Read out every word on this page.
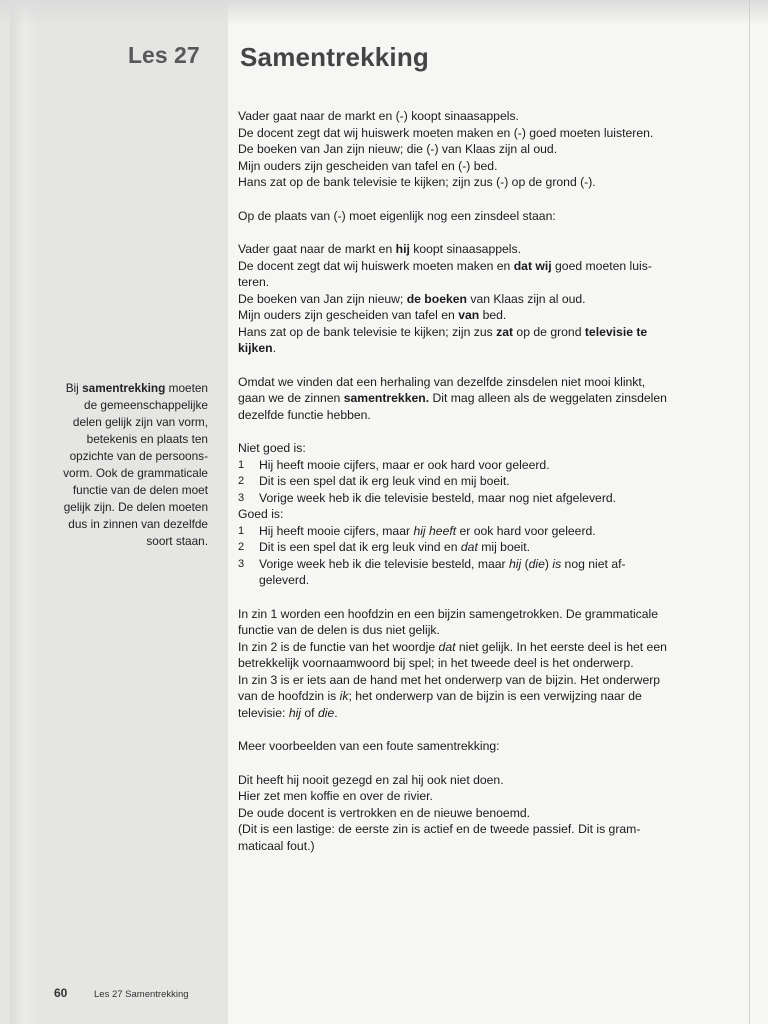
Les 27 Samentrekking

Vader gaat naar de markt en (-) koopt sinaasappels.

De docent zegt dat wij huiswerk moeten maken en (-) goed moeten luisteren.

De boeken van Jan zijn nieuw; die (-) van Klaas zijn al oud.

Mijn ouders zijn gescheiden van tafel en (-) bed.

Hans zat op de bank televisie te kijken; zijn zus (-) op de grond (-).

Op de plaats van (-) moet eigenlijk nog een zinsdeel staan:

Vader gaat naar de markt en hij koopt sinaasappels.

De docent zegt dat wij huiswerk moeten maken en dat wij goed moeten luis-

teren.

De boeken van Jan zijn nieuw; de boeken van Klaas zijn al oud.

Mijn ouders zijn gescheiden van tafel en van bed.

Hans zat op de bank televisie te kijken; zijn zus zat op de grond televisie te

kijken.

Omdat we vinden dat een herhaling van dezelfde zinsdelen niet mooi klinkt,

gaan we de zinnen samentrekken. Dit mag alleen als de weggelaten zinsdelen

dezelfde functie hebben.

Niet goed is:

1	Hij heeft mooie cijfers, maar er ook hard voor geleerd.
2	Dit is een spel dat ik erg leuk vind en mij boeit.
3	Vorige week heb ik die televisie besteld, maar nog niet afgeleverd.

Goed is:

1	Hij heeft mooie cijfers, maar hij heeft er ook hard voor geleerd.
2	Dit is een spel dat ik erg leuk vind en dat mij boeit.
3	Vorige week heb ik die televisie besteld, maar hij (die) is nog niet af-
geleverd.

In zin 1 worden een hoofdzin en een bijzin samengetrokken. De grammaticale

functie van de delen is dus niet gelijk.

In zin 2 is de functie van het woordje dat niet gelijk. In het eerste deel is het een

betrekkelijk voornaamwoord bij spel; in het tweede deel is het onderwerp.

In zin 3 is er iets aan de hand met het onderwerp van de bijzin. Het onderwerp

van de hoofdzin is ik; het onderwerp van de bijzin is een verwijzing naar de

televisie: hij of die.

Meer voorbeelden van een foute samentrekking:

Dit heeft hij nooit gezegd en zal hij ook niet doen.

Hier zet men koffie en over de rivier.

De oude docent is vertrokken en de nieuwe benoemd.

(Dit is een lastige: de eerste zin is actief en de tweede passief. Dit is gram-

maticaal fout.)

Bij samentrekking moeten
de gemeenschappelijke
delen gelijk zijn van vorm,
betekenis en plaats ten
opzichte van de persoons-
vorm. Ook de grammaticale
functie van de delen moet
gelijk zijn. De delen moeten
dus in zinnen van dezelfde
soort staan.
60	Les 27 Samentrekking
